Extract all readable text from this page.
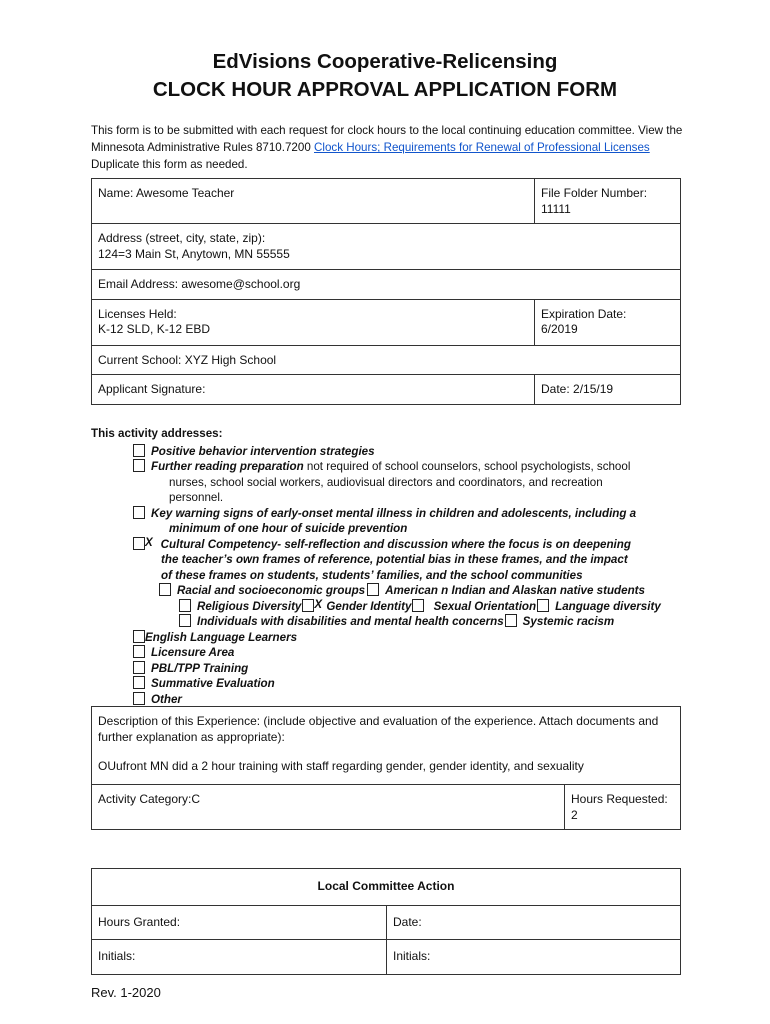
EdVisions Cooperative-Relicensing
CLOCK HOUR APPROVAL APPLICATION FORM
This form is to be submitted with each request for clock hours to the local continuing education committee. View the Minnesota Administrative Rules 8710.7200 Clock Hours; Requirements for Renewal of Professional Licenses Duplicate this form as needed.
Name: Awesome Teacher	File Folder Number:
11111
Address (street, city, state, zip):
124=3 Main St, Anytown, MN 55555	
Email Address: awesome@school.org	
Licenses Held:
K-12 SLD, K-12 EBD	Expiration Date:
6/2019
Current School: XYZ High School	
Applicant Signature:	Date: 2/15/19
This activity addresses:
Positive behavior intervention strategies
Further reading preparation not required of school counselors, school psychologists, school
nurses, school social workers, audiovisual directors and coordinators, and recreation
personnel.
Key warning signs of early-onset mental illness in children and adolescents, including a
minimum of one hour of suicide prevention
X   Cultural Competency- self-reflection and discussion where the focus is on deepening
the teacher’s own frames of reference, potential bias in these frames, and the impact
of these frames on students, students’ families, and the school communities
Racial and socioeconomic groups American n Indian and Alaskan native students
Religious Diversity X Gender Identity Sexual Orientation Language diversity
Individuals with disabilities and mental health concerns Systemic racism
English Language Learners
Licensure Area
PBL/TPP Training
Summative Evaluation
Other
Description of this Experience: (include objective and evaluation of the experience. Attach documents and further explanation as appropriate):
OUufront MN did a 2 hour training with staff regarding gender, gender identity, and sexuality

Activity Category:C	Hours Requested:
2
Local Committee Action	
Hours Granted:	Date:
Initials:	Initials:
Rev. 1-2020
